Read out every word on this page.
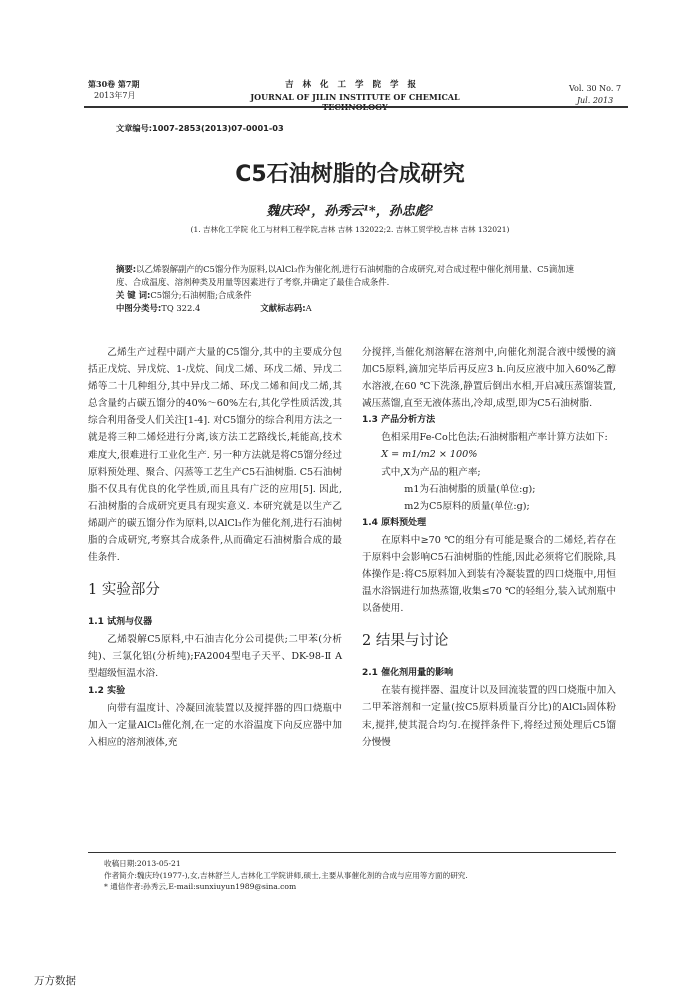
第30卷 第7期
2013年7月
吉林化工学院学报
JOURNAL OF JILIN INSTITUTE OF CHEMICAL
Vol. 30 No. 7
Jul. 2013
文章编号:1007-2853(2013)07-0001-03
C5石油树脂的合成研究
魏庆玲¹，孙秀云¹*，孙忠彪²
(1. 吉林化工学院 化工与材料工程学院,吉林 吉林 132022;2. 吉林工贸学校,吉林 吉林 132021)
摘要:以乙烯裂解副产的C5馏分作为原料,以AlCl₃作为催化剂,进行石油树脂的合成研究,对合成过程中催化剂用量、C5滴加速度、合成温度、溶剂种类及用量等因素进行了考察,并确定了最佳合成条件.
关 键 词:C5馏分;石油树脂;合成条件
中图分类号:TQ 322.4	文献标志码:A

乙烯生产过程中副产大量的C5馏分,其中的主要成分包括正戊烷、异戊烷、1-戊烷、间戊二烯、环戊二烯、异戊二烯等二十几种组分,其中异戊二烯、环戊二烯和间戊二烯,其总含量约占碳五馏分的40%～60%左右,其化学性质活泼,其综合利用备受人们关注[1-4]. 对C5馏分的综合利用方法之一就是将三种二烯烃进行分离,该方法工艺路线长,耗能高,技术难度大,很难进行工业化生产. 另一种方法就是将C5馏分经过原料预处理、聚合、闪蒸等工艺生产C5石油树脂. C5石油树脂不仅具有优良的化学性质,而且具有广泛的应用[5]. 因此,石油树脂的合成研究更具有现实意义. 本研究就是以生产乙烯副产的碳五馏分作为原料,以AlCl₃作为催化剂,进行石油树脂的合成研究,考察其合成条件,从而确定石油树脂合成的最佳条件.

1 实验部分
1.1 试剂与仪器

乙烯裂解C5原料,中石油吉化分公司提供;二甲苯(分析纯)、三氯化铝(分析纯);FA2004型电子天平、DK-98-Ⅱ A型超级恒温水浴.

1.2 实验

向带有温度计、冷凝回流装置以及搅拌器的四口烧瓶中加入一定量AlCl₃催化剂,在一定的水浴温度下向反应器中加入相应的溶剂液体,充

分搅拌,当催化剂溶解在溶剂中,向催化剂混合液中缓慢的滴加C5原料,滴加完毕后再反应3 h.向反应液中加入60%乙醇水溶液,在60 ℃下洗涤,静置后倒出水相,开启减压蒸馏装置,减压蒸馏,直至无液体蒸出,冷却,成型,即为C5石油树脂.

1.3 产品分析方法

色相采用Fe-Co比色法;石油树脂粗产率计算方法如下:

X = m1/m2 × 100%

式中,X为产品的粗产率;

m1为石油树脂的质量(单位:g);

m2为C5原料的质量(单位:g);

1.4 原料预处理

在原料中≥70 ℃的组分有可能是聚合的二烯烃,若存在于原料中会影响C5石油树脂的性能,因此必须将它们脱除,具体操作是:将C5原料加入到装有冷凝装置的四口烧瓶中,用恒温水浴锅进行加热蒸馏,收集≤70 ℃的轻组分,装入试剂瓶中以备使用.

2 结果与讨论
2.1 催化剂用量的影响

在装有搅拌器、温度计以及回流装置的四口烧瓶中加入二甲苯溶剂和一定量(按C5原料质量百分比)的AlCl₃固体粉末,搅拌,使其混合均匀.在搅拌条件下,将经过预处理后C5馏分慢慢

收稿日期:2013-05-21
作者简介:魏庆玲(1977-),女,吉林舒兰人,吉林化工学院讲师,硕士,主要从事催化剂的合成与应用等方面的研究.
* 通信作者:孙秀云,E-mail:sunxiuyun1989@sina.com
万方数据
